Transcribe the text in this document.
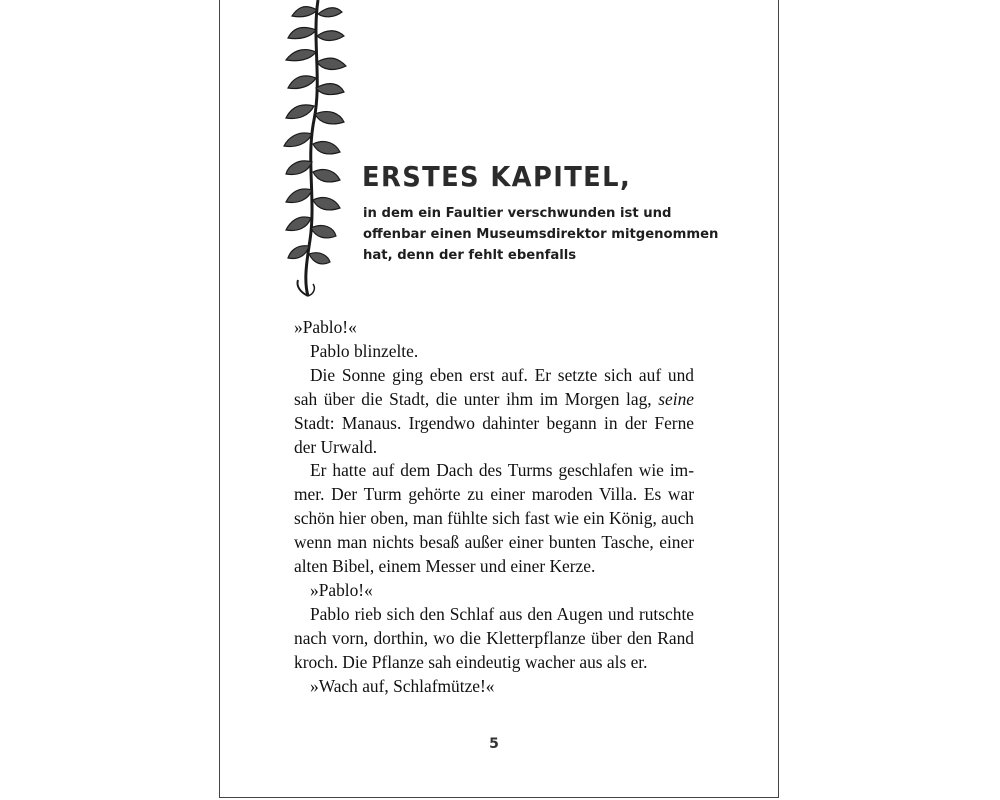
ERSTES KAPITEL,

in dem ein Faultier verschwunden ist und offenbar einen Museumsdirektor mitgenommen hat, denn der fehlt ebenfalls

»Pablo!«

Pablo blinzelte.

Die Sonne ging eben erst auf. Er setzte sich auf und sah über die Stadt, die unter ihm im Morgen lag, seine Stadt: Manaus. Irgendwo dahinter begann in der Ferne der Urwald.

Er hatte auf dem Dach des Turms geschlafen wie immer. Der Turm gehörte zu einer maroden Villa. Es war schön hier oben, man fühlte sich fast wie ein König, auch wenn man nichts besaß außer einer bunten Tasche, einer alten Bibel, einem Messer und einer Kerze.

»Pablo!«

Pablo rieb sich den Schlaf aus den Augen und rutschte nach vorn, dorthin, wo die Kletterpflanze über den Rand kroch. Die Pflanze sah eindeutig wacher aus als er.

»Wach auf, Schlafmütze!«

5
